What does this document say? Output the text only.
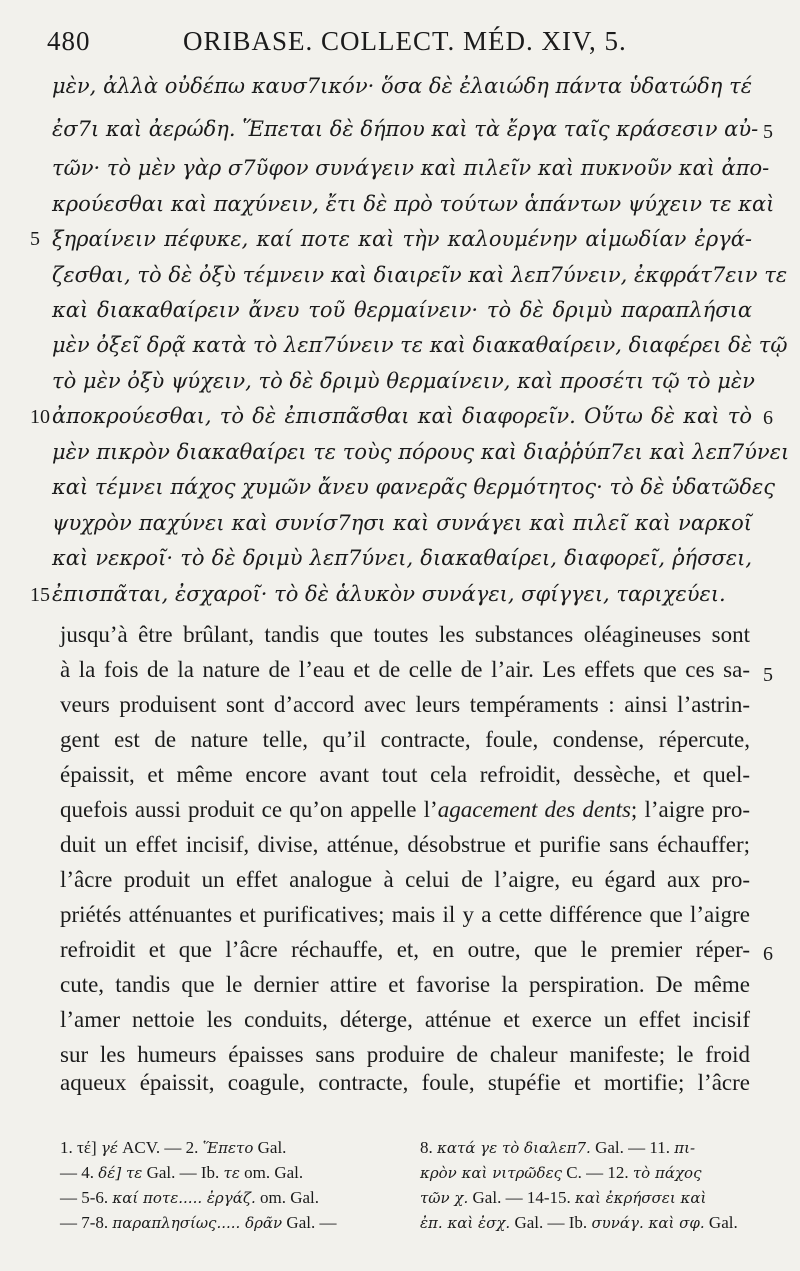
480	ORIBASE. COLLECT. MÉD. XIV, 5.
μὲν, ἀλλὰ οὐδέπω καυσ7ικόν· ὅσα δὲ ἐλαιώδη πάντα ὑδατώδη τέ
ἐσ7ι καὶ ἀερώδη. Ἕπεται δὲ δήπου καὶ τὰ ἔργα ταῖς κράσεσιν αὐ-
τῶν· τὸ μὲν γὰρ σ7ῦφον συνάγειν καὶ πιλεῖν καὶ πυκνοῦν καὶ ἀπο-
κρούεσθαι καὶ παχύνειν, ἔτι δὲ πρὸ τούτων ἁπάντων ψύχειν τε καὶ
ξηραίνειν πέφυκε, καί ποτε καὶ τὴν καλουμένην αἱμωδίαν ἐργά-
ζεσθαι, τὸ δὲ ὀξὺ τέμνειν καὶ διαιρεῖν καὶ λεπ7ύνειν, ἐκφράτ7ειν τε
καὶ διακαθαίρειν ἄνευ τοῦ θερμαίνειν· τὸ δὲ δριμὺ παραπλήσια
μὲν ὀξεῖ δρᾷ κατὰ τὸ λεπ7ύνειν τε καὶ διακαθαίρειν, διαφέρει δὲ τῷ
τὸ μὲν ὀξὺ ψύχειν, τὸ δὲ δριμὺ θερμαίνειν, καὶ προσέτι τῷ τὸ μὲν
ἀποκρούεσθαι, τὸ δὲ ἐπισπᾶσθαι καὶ διαφορεῖν. Οὕτω δὲ καὶ τὸ
μὲν πικρὸν διακαθαίρει τε τοὺς πόρους καὶ διαῤῥύπ7ει καὶ λεπ7ύνει
καὶ τέμνει πάχος χυμῶν ἄνευ φανερᾶς θερμότητος· τὸ δὲ ὑδατῶδες
ψυχρὸν παχύνει καὶ συνίσ7ησι καὶ συνάγει καὶ πιλεῖ καὶ ναρκοῖ
καὶ νεκροῖ· τὸ δὲ δριμὺ λεπ7ύνει, διακαθαίρει, διαφορεῖ, ῥήσσει,
ἐπισπᾶται, ἐσχαροῖ· τὸ δὲ ἁλυκὸν συνάγει, σφίγγει, ταριχεύει.
5
10
15
5
6
jusqu’à être brûlant, tandis que toutes les substances oléagineuses sont
à la fois de la nature de l’eau et de celle de l’air. Les effets que ces sa-
veurs produisent sont d’accord avec leurs tempéraments : ainsi l’astrin-
gent est de nature telle, qu’il contracte, foule, condense, répercute,
épaissit, et même encore avant tout cela refroidit, dessèche, et quel-
quefois aussi produit ce qu’on appelle l’agacement des dents; l’aigre pro-
duit un effet incisif, divise, atténue, désobstrue et purifie sans échauffer;
l’âcre produit un effet analogue à celui de l’aigre, eu égard aux pro-
priétés atténuantes et purificatives; mais il y a cette différence que l’aigre
refroidit et que l’âcre réchauffe, et, en outre, que le premier réper-
cute, tandis que le dernier attire et favorise la perspiration. De même
l’amer nettoie les conduits, déterge, atténue et exerce un effet incisif
sur les humeurs épaisses sans produire de chaleur manifeste; le froid
aqueux épaissit, coagule, contracte, foule, stupéfie et mortifie; l’âcre
5
6
1. τέ] γέ ACV. — 2. Ἕπετο Gal.
— 4. δέ] τε Gal. — Ib. τε om. Gal.
— 5-6. καί ποτε..... ἐργάζ. om. Gal.
— 7-8. παραπλησίως..... δρᾶν Gal. —
8. κατά γε τὸ διαλεπ7. Gal. — 11. πι-
κρὸν καὶ νιτρῶδες C. — 12. τὸ πάχος
τῶν χ. Gal. — 14-15. καὶ ἐκρήσσει καὶ
ἐπ. καὶ ἐσχ. Gal. — Ib. συνάγ. καὶ σφ. Gal.
